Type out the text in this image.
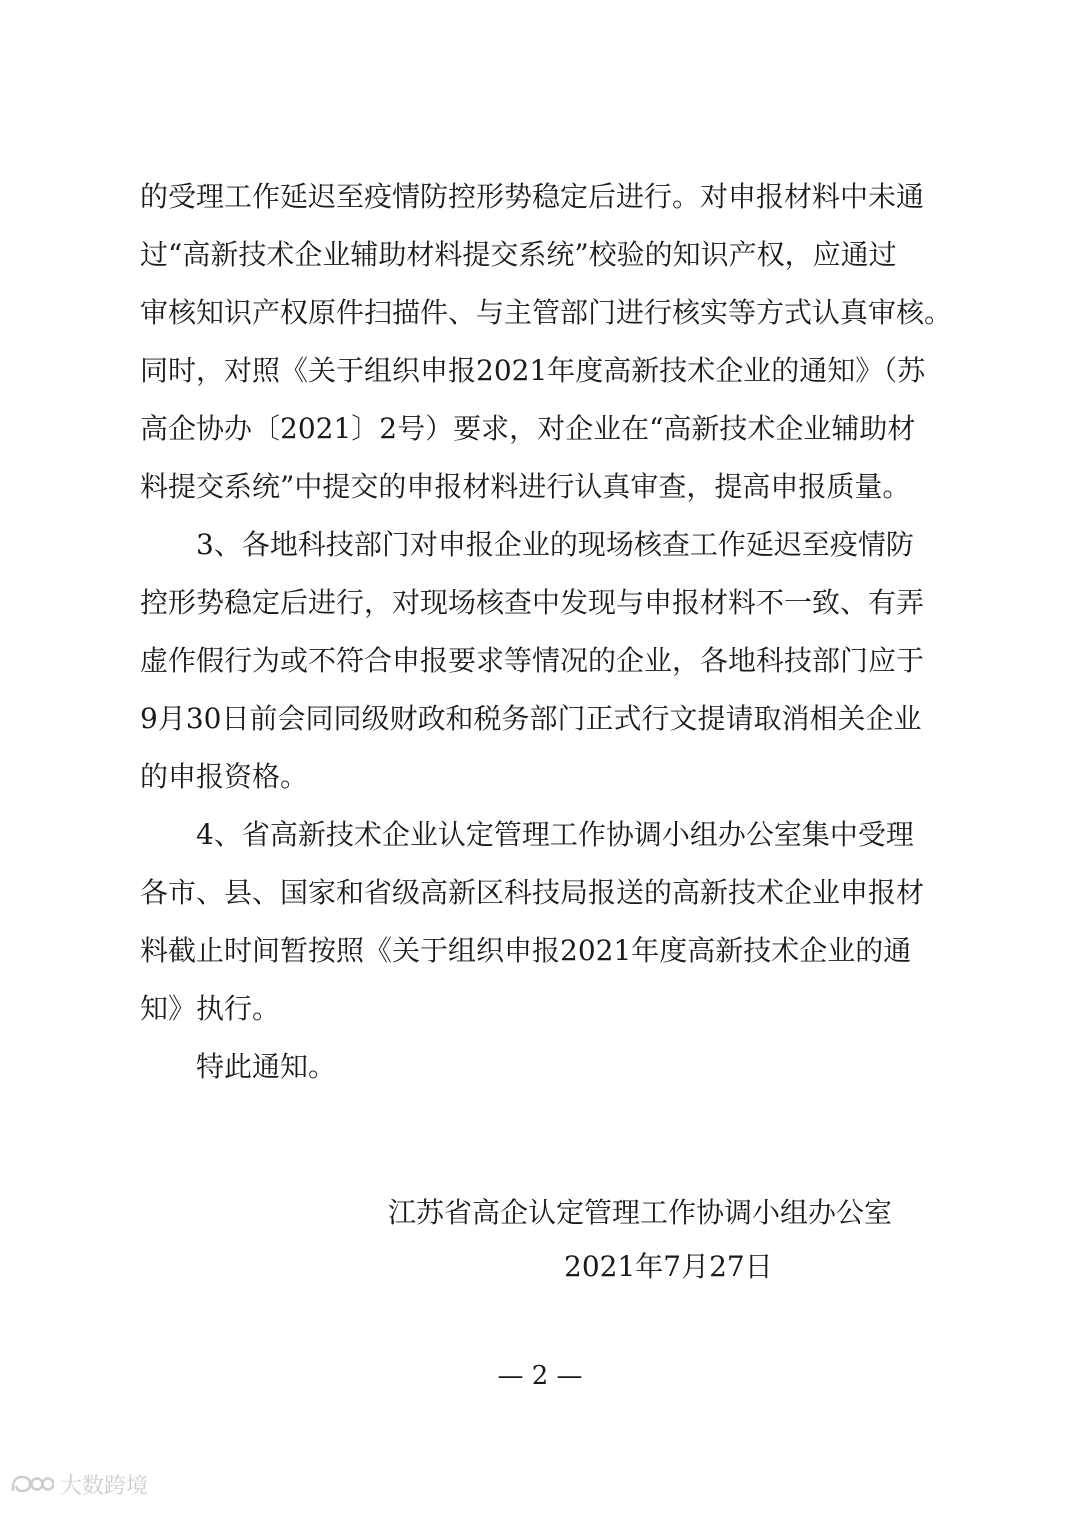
的受理工作延迟至疫情防控形势稳定后进行。对申报材料中未通
过“高新技术企业辅助材料提交系统”校验的知识产权，应通过
审核知识产权原件扫描件、与主管部门进行核实等方式认真审核。
同时，对照《关于组织申报2021年度高新技术企业的通知》（苏
高企协办〔2021〕2号）要求，对企业在“高新技术企业辅助材
料提交系统”中提交的申报材料进行认真审查，提高申报质量。
　　3、各地科技部门对申报企业的现场核查工作延迟至疫情防
控形势稳定后进行，对现场核查中发现与申报材料不一致、有弄
虚作假行为或不符合申报要求等情况的企业，各地科技部门应于
9月30日前会同同级财政和税务部门正式行文提请取消相关企业
的申报资格。
　　4、省高新技术企业认定管理工作协调小组办公室集中受理
各市、县、国家和省级高新区科技局报送的高新技术企业申报材
料截止时间暂按照《关于组织申报2021年度高新技术企业的通
知》执行。
　　特此通知。
江苏省高企认定管理工作协调小组办公室
2021年7月27日
— 2 —
大数跨境
